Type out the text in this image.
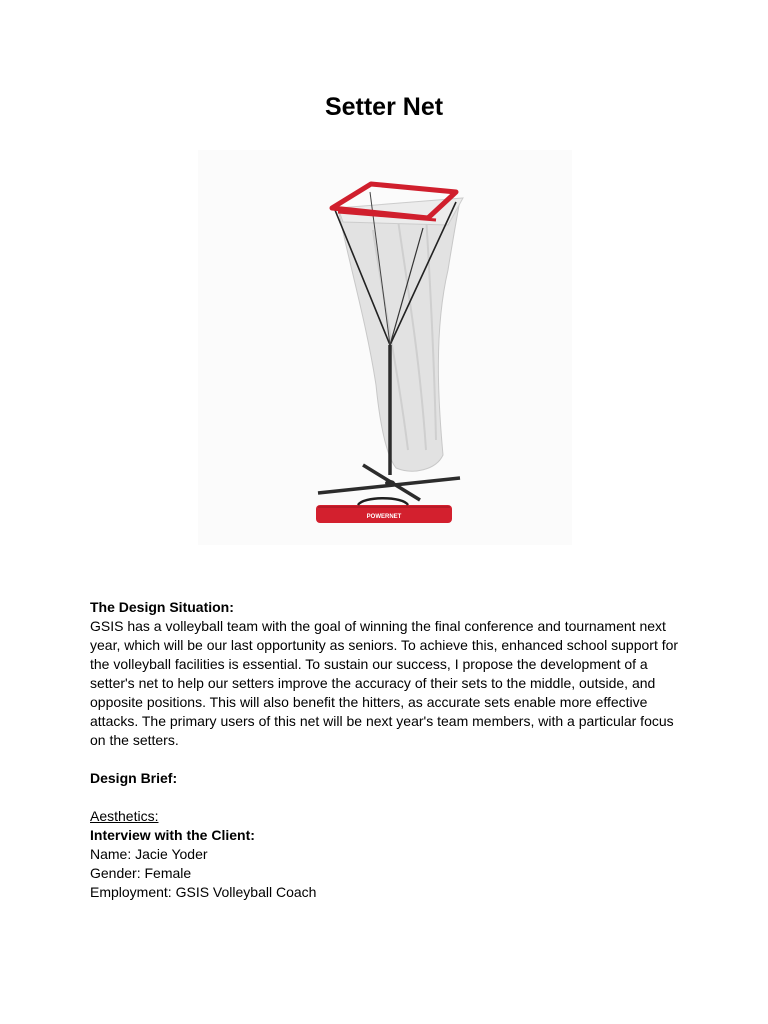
Setter Net
POWERNET

The Design Situation:

GSIS has a volleyball team with the goal of winning the final conference and tournament next year, which will be our last opportunity as seniors. To achieve this, enhanced school support for the volleyball facilities is essential. To sustain our success, I propose the development of a setter's net to help our setters improve the accuracy of their sets to the middle, outside, and opposite positions. This will also benefit the hitters, as accurate sets enable more effective attacks. The primary users of this net will be next year's team members, with a particular focus on the setters.

Design Brief:

Aesthetics:

Interview with the Client:

Name: Jacie Yoder

Gender: Female

Employment: GSIS Volleyball Coach
